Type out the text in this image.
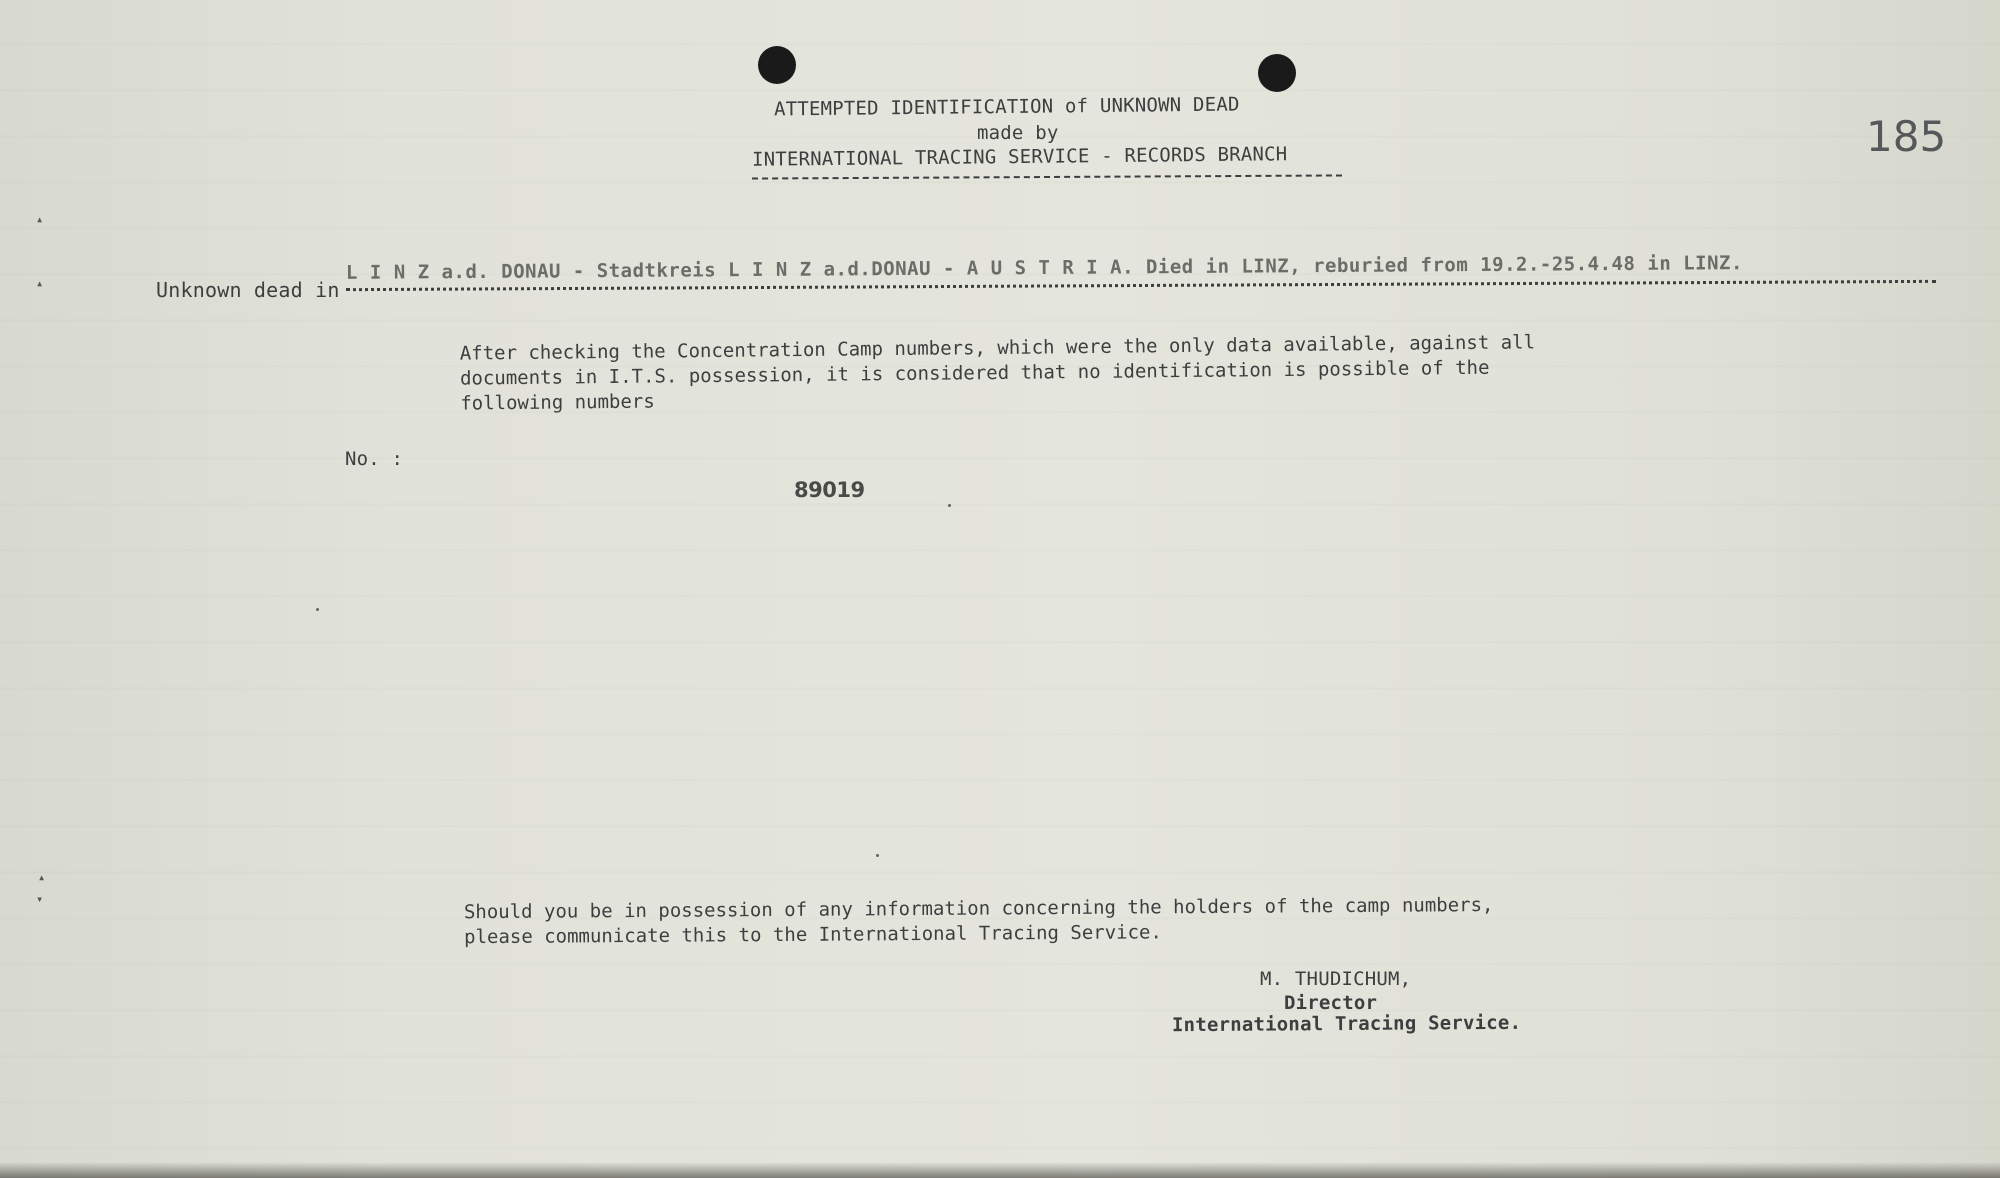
ATTEMPTED IDENTIFICATION of UNKNOWN DEAD
made by
INTERNATIONAL TRACING SERVICE - RECORDS BRANCH	185
Unknown dead in
L I N Z a.d. DONAU - Stadtkreis L I N Z a.d.DONAU - A U S T R I A. Died in LINZ, reburied from 19.2.-25.4.48 in LINZ.
After checking the Concentration Camp numbers, which were the only data available, against all
documents in I.T.S. possession, it is considered that no identification is possible of the
following numbers
No. :
89019
Should you be in possession of any information concerning the holders of the camp numbers,
please communicate this to the International Tracing Service.
M. THUDICHUM,
Director
International Tracing Service.
▴
▴
▴
▾
